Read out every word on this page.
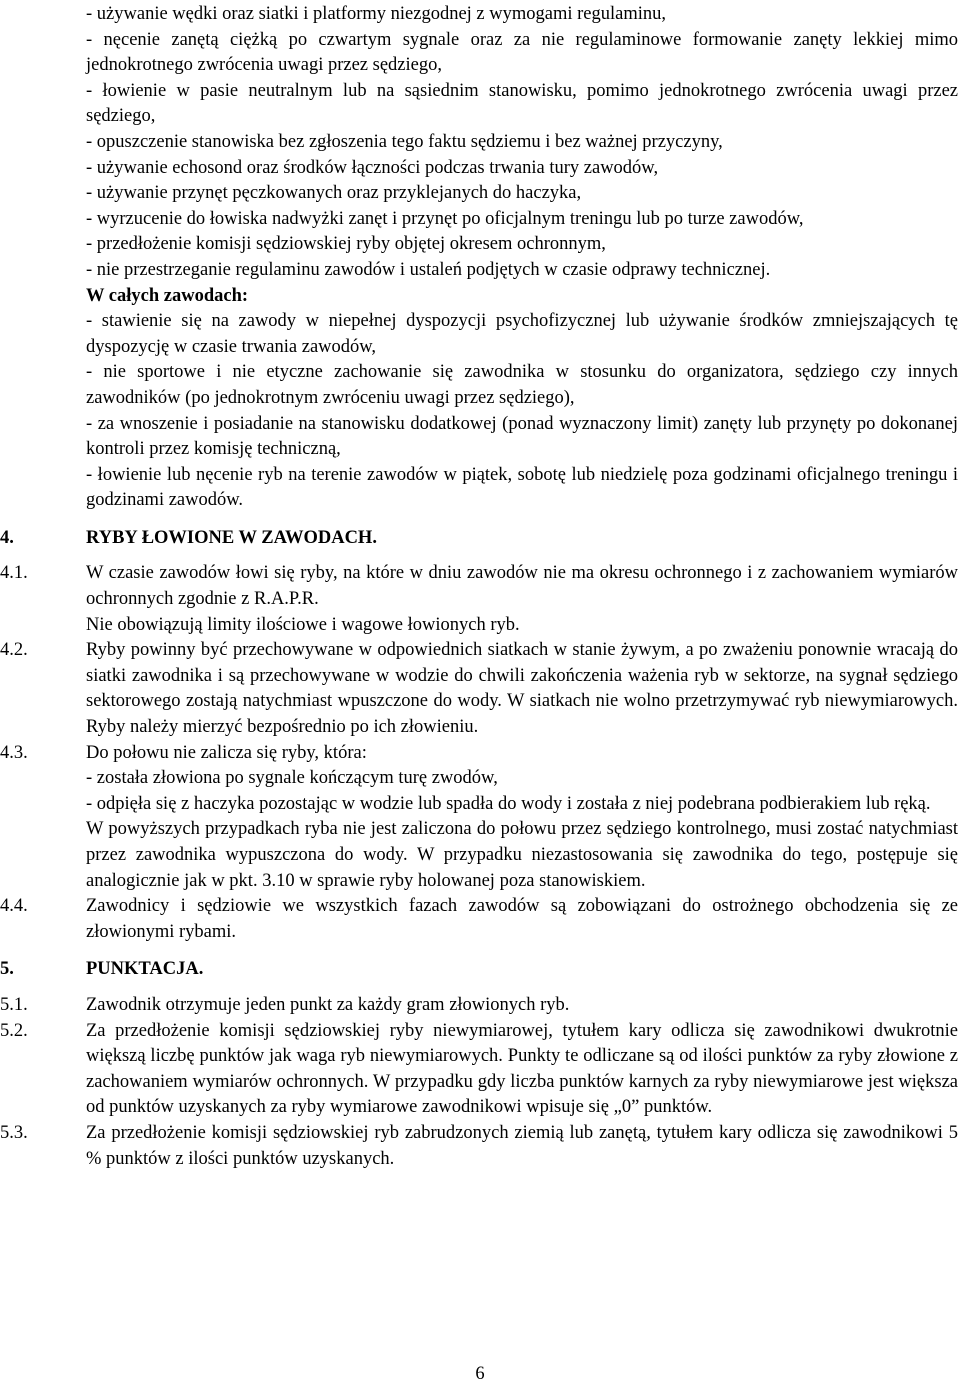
- używanie wędki oraz siatki i platformy niezgodnej z wymogami regulaminu,
- nęcenie zanętą ciężką po czwartym sygnale oraz za nie regulaminowe formowanie zanęty lekkiej mimo jednokrotnego zwrócenia uwagi przez sędziego,
- łowienie w pasie neutralnym lub na sąsiednim stanowisku, pomimo jednokrotnego zwrócenia uwagi przez sędziego,
- opuszczenie stanowiska bez zgłoszenia tego faktu sędziemu i bez ważnej przyczyny,
- używanie echosond oraz środków łączności podczas trwania tury zawodów,
- używanie przynęt pęczkowanych oraz przyklejanych do haczyka,
- wyrzucenie do łowiska nadwyżki zanęt i przynęt po oficjalnym treningu lub po turze zawodów,
- przedłożenie komisji sędziowskiej ryby objętej okresem ochronnym,
- nie przestrzeganie regulaminu zawodów i ustaleń podjętych w czasie odprawy technicznej.
W całych zawodach:
- stawienie się na zawody w niepełnej dyspozycji psychofizycznej lub używanie środków zmniejszających tę dyspozycję w czasie trwania zawodów,
- nie sportowe i nie etyczne zachowanie się zawodnika w stosunku do organizatora, sędziego czy innych zawodników (po jednokrotnym zwróceniu uwagi przez sędziego),
- za wnoszenie i posiadanie na stanowisku dodatkowej (ponad wyznaczony limit) zanęty lub przynęty po dokonanej kontroli przez komisję techniczną,
- łowienie lub nęcenie ryb na terenie zawodów w piątek, sobotę lub niedzielę poza godzinami oficjalnego treningu i godzinami zawodów.
4.	RYBY ŁOWIONE W ZAWODACH.
4.1.	W czasie zawodów łowi się ryby, na które w dniu zawodów nie ma okresu ochronnego i z zachowaniem wymiarów ochronnych zgodnie z R.A.P.R.
Nie obowiązują limity ilościowe i wagowe łowionych ryb.
4.2.	Ryby powinny być przechowywane w odpowiednich siatkach w stanie żywym, a po zważeniu ponownie wracają do siatki zawodnika i są przechowywane w wodzie do chwili zakończenia ważenia ryb w sektorze, na sygnał sędziego sektorowego zostają natychmiast wpuszczone do wody. W siatkach nie wolno przetrzymywać ryb niewymiarowych. Ryby należy mierzyć bezpośrednio po ich złowieniu.
4.3.	Do połowu nie zalicza się ryby, która:
- została złowiona po sygnale kończącym turę zwodów,
- odpięła się z haczyka pozostając w wodzie lub spadła do wody i została z niej podebrana podbierakiem lub ręką.
W powyższych przypadkach ryba nie jest zaliczona do połowu przez sędziego kontrolnego, musi zostać natychmiast przez zawodnika wypuszczona do wody. W przypadku niezastosowania się zawodnika do tego, postępuje się analogicznie jak w pkt. 3.10 w sprawie ryby holowanej poza stanowiskiem.
4.4.	Zawodnicy i sędziowie we wszystkich fazach zawodów są zobowiązani do ostrożnego obchodzenia się ze złowionymi rybami.
5.	PUNKTACJA.
5.1.	Zawodnik otrzymuje jeden punkt za każdy gram złowionych ryb.
5.2.	Za przedłożenie komisji sędziowskiej ryby niewymiarowej, tytułem kary odlicza się zawodnikowi dwukrotnie większą liczbę punktów jak waga ryb niewymiarowych. Punkty te odliczane są od ilości punktów za ryby złowione z zachowaniem wymiarów ochronnych. W przypadku gdy liczba punktów karnych za ryby niewymiarowe jest większa od punktów uzyskanych za ryby wymiarowe zawodnikowi wpisuje się „0” punktów.
5.3.	Za przedłożenie komisji sędziowskiej ryb zabrudzonych ziemią lub zanętą, tytułem kary odlicza się zawodnikowi 5 % punktów z ilości punktów uzyskanych.
6
